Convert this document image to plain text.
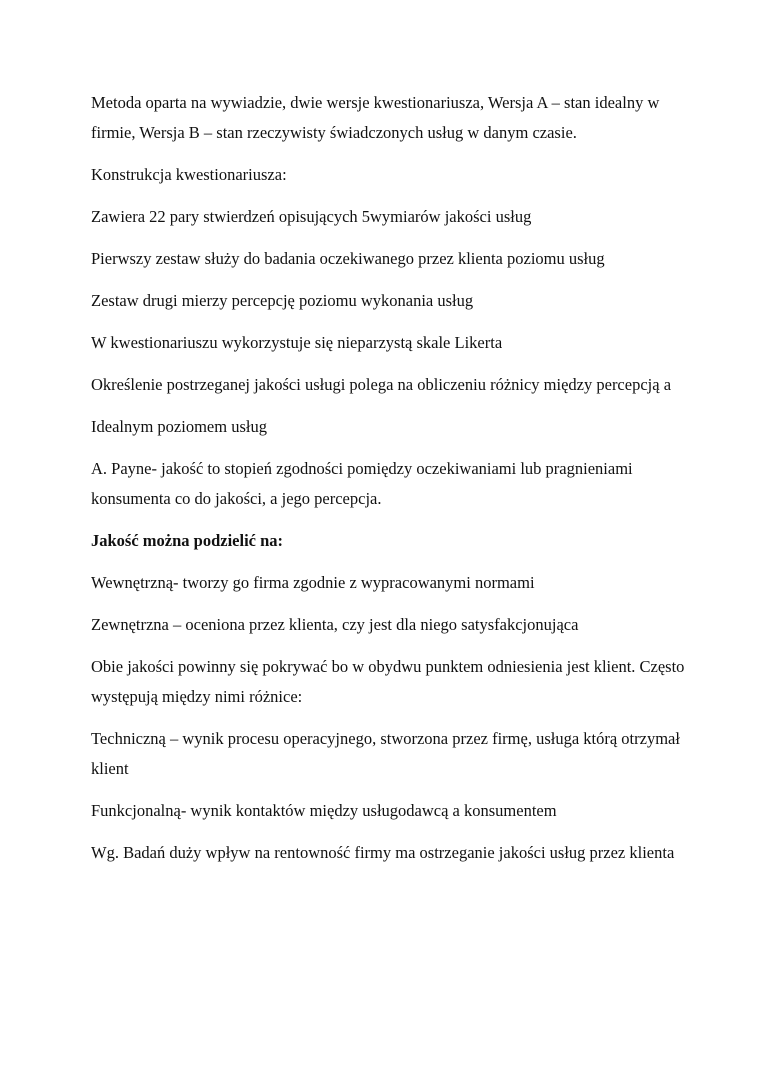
Metoda oparta na wywiadzie, dwie wersje kwestionariusza, Wersja A – stan idealny w firmie, Wersja B – stan rzeczywisty świadczonych usług w danym czasie.

Konstrukcja kwestionariusza:

Zawiera 22 pary stwierdzeń opisujących 5wymiarów jakości usług

Pierwszy zestaw służy do badania oczekiwanego przez klienta poziomu usług

Zestaw drugi mierzy percepcję poziomu wykonania usług

W kwestionariuszu wykorzystuje się nieparzystą skale Likerta

Określenie postrzeganej jakości usługi polega na obliczeniu różnicy między percepcją a

Idealnym poziomem usług

A. Payne- jakość to stopień zgodności pomiędzy oczekiwaniami lub pragnieniami konsumenta co do jakości, a jego percepcja.

Jakość można podzielić na:

Wewnętrzną- tworzy go firma zgodnie z wypracowanymi normami

Zewnętrzna – oceniona przez klienta, czy jest dla niego satysfakcjonująca

Obie jakości powinny się pokrywać bo w obydwu punktem odniesienia jest klient. Często występują między nimi różnice:

Techniczną – wynik procesu operacyjnego, stworzona przez firmę, usługa którą otrzymał klient

Funkcjonalną- wynik kontaktów między usługodawcą a konsumentem

Wg. Badań duży wpływ na rentowność firmy ma ostrzeganie jakości usług przez klienta
